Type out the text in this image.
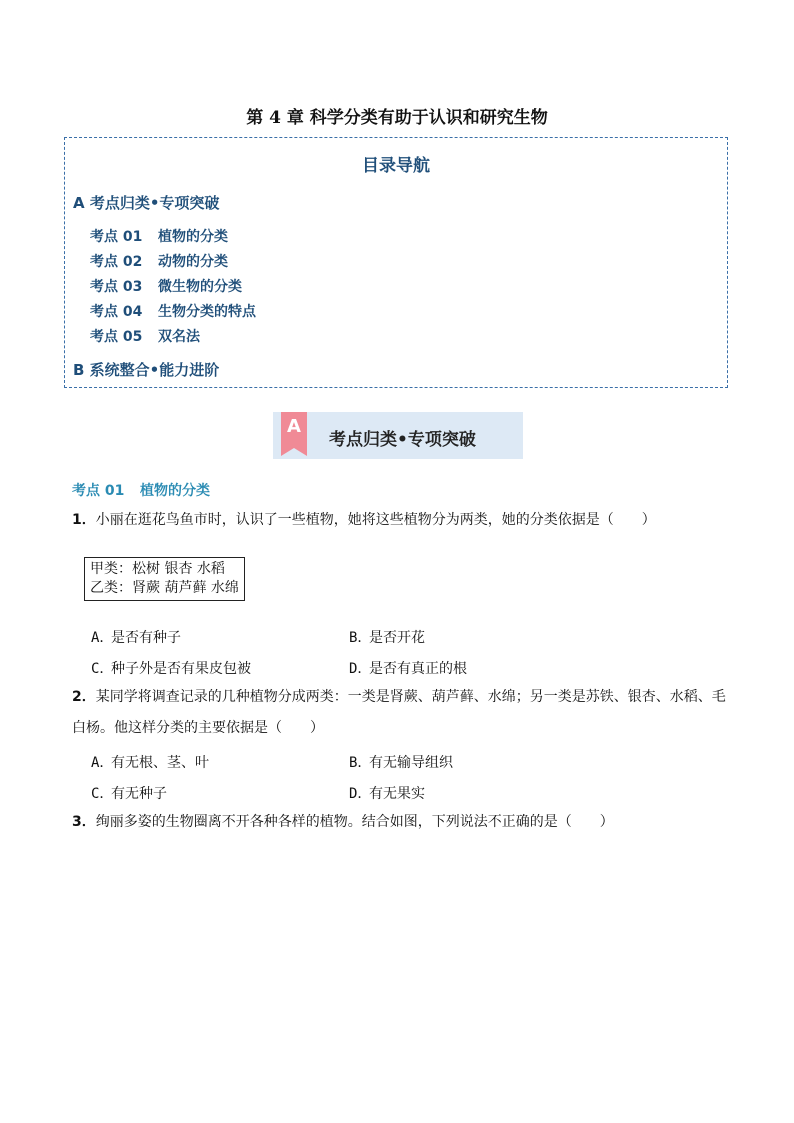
第 4 章 科学分类有助于认识和研究生物
目录导航
A 考点归类•专项突破
考点 01 植物的分类
考点 02 动物的分类
考点 03 微生物的分类
考点 04 生物分类的特点
考点 05 双名法
B 系统整合•能力进阶
A
考点归类•专项突破
考点 01 植物的分类
1．小丽在逛花鸟鱼市时，认识了一些植物，她将这些植物分为两类，她的分类依据是（　　）
甲类：松树 银杏 水稻
乙类：肾蕨 葫芦藓 水绵
A．是否有种子	B．是否开花
C．种子外是否有果皮包被	D．是否有真正的根
2．某同学将调查记录的几种植物分成两类：一类是肾蕨、葫芦藓、水绵；另一类是苏铁、银杏、水稻、毛白杨。他这样分类的主要依据是（　　）
A．有无根、茎、叶	B．有无输导组织
C．有无种子	D．有无果实
3．绚丽多姿的生物圈离不开各种各样的植物。结合如图，下列说法不正确的是（　　）
